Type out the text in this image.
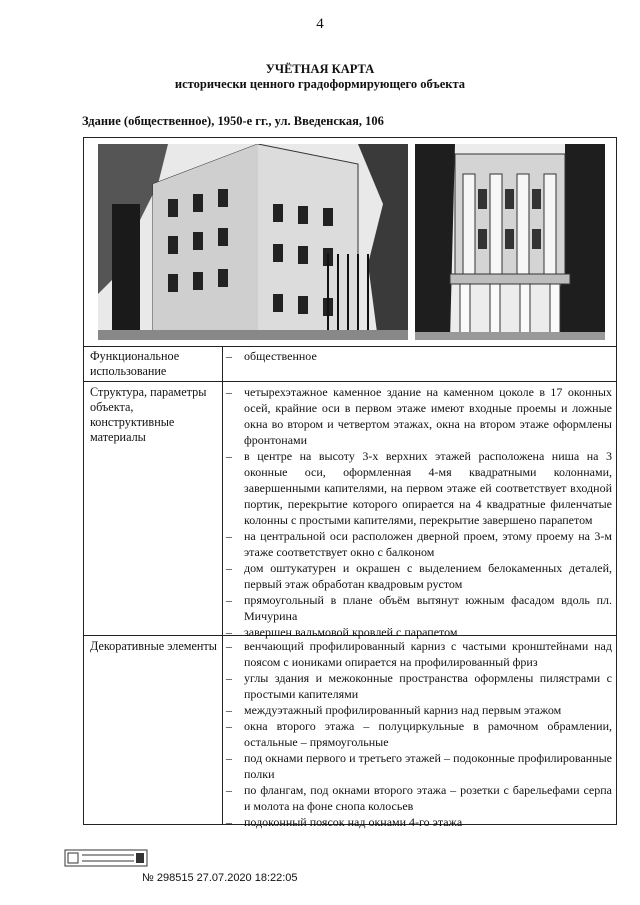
4
УЧЁТНАЯ КАРТА
исторически ценного градоформирующего объекта
Здание (общественное), 1950-е гг., ул. Введенская, 106
Функциональное использование
– общественное
Структура, параметры объекта, конструктивные материалы
– четырехэтажное каменное здание на каменном цоколе в 17 оконных осей, крайние оси в первом этаже имеют входные проемы и ложные окна во втором и четвертом этажах, окна на втором этаже оформлены фронтонами
– в центре на высоту 3-х верхних этажей расположена ниша на 3 оконные оси, оформленная 4-мя квадратными колоннами, завершенными капителями, на первом этаже ей соответствует входной портик, перекрытие которого опирается на 4 квадратные филенчатые колонны с простыми капителями, перекрытие завершено парапетом
– на центральной оси расположен дверной проем, этому проему на 3-м этаже соответствует окно с балконом
– дом оштукатурен и окрашен с выделением белокаменных деталей, первый этаж обработан квадровым рустом
– прямоугольный в плане объём вытянут южным фасадом вдоль пл. Мичурина
– завершен вальмовой кровлей с парапетом
Декоративные элементы – венчающий профилированный карниз с частыми кронштейнами над поясом с иониками опирается на профилированный фриз
– углы здания и межоконные пространства оформлены пилястрами с простыми капителями
– междуэтажный профилированный карниз над первым этажом
– окна второго этажа – полуциркульные в рамочном обрамлении, остальные – прямоугольные
– под окнами первого и третьего этажей – подоконные профилированные полки
– по флангам, под окнами второго этажа – розетки с барельефами серпа и молота на фоне снопа колосьев
– подоконный поясок над окнами 4-го этажа
№ 298515 27.07.2020 18:22:05
